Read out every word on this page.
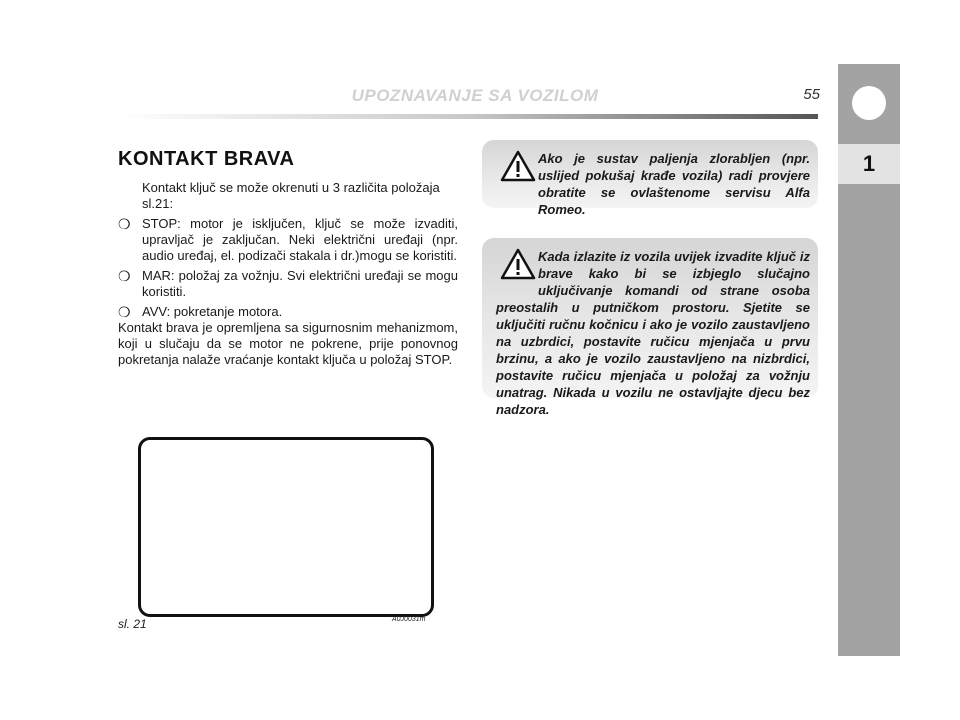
UPOZNAVANJE SA VOZILOM	55
1
KONTAKT BRAVA
Kontakt ključ se može okrenuti u 3 različita položaja sl.21:
❍ STOP: motor je isključen, ključ se može izvaditi, upravljač je zaključan. Neki električni uređaji (npr. audio uređaj, el. podizači stakala i dr.)mogu se koristiti.
❍ MAR: položaj za vožnju. Svi električni uređaji se mogu koristiti.
❍ AVV: pokretanje motora.
Kontakt brava je opremljena sa sigurnosnim mehanizmom, koji u slučaju da se motor ne pokrene, prije ponovnog pokretanja nalaže vraćanje kontakt ključa u položaj STOP.
sl. 21	A0J0031m
Ako je sustav paljenja zlorabljen (npr. uslijed pokušaj krađe vozila) radi provjere obratite se ovlaštenome servisu Alfa Romeo.
Kada izlazite iz vozila uvijek izvadite ključ iz brave kako bi se izbjeglo slučajno uključivanje komandi od strane osoba preostalih u putničkom prostoru. Sjetite se uključiti ručnu kočnicu i ako je vozilo zaustavljeno na uzbrdici, postavite ručicu mjenjača u prvu brzinu, a ako je vozilo zaustavljeno na nizbrdici, postavite ručicu mjenjača u položaj za vožnju unatrag. Nikada u vozilu ne ostavljajte djecu bez nadzora.
